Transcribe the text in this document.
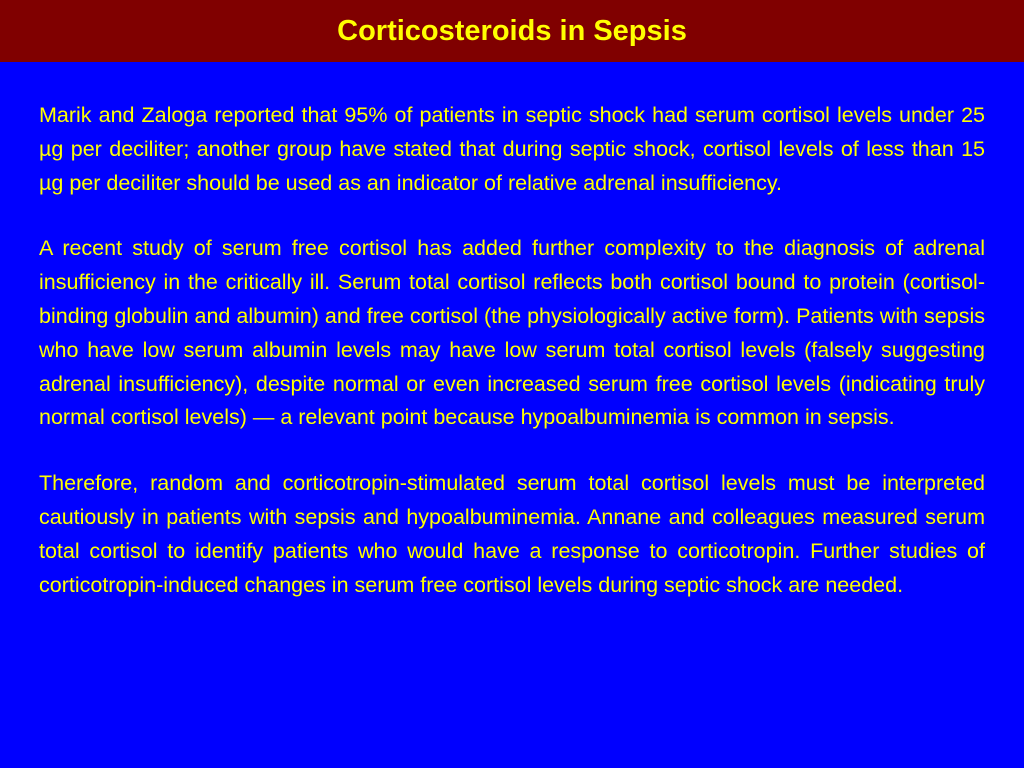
Corticosteroids in Sepsis

Marik and Zaloga reported that 95% of patients in septic shock had serum cortisol levels under 25 µg per deciliter; another group have stated that during septic shock, cortisol levels of less than 15 µg per deciliter should be used as an indicator of relative adrenal insufficiency.

A recent study of serum free cortisol has added further complexity to the diagnosis of adrenal insufficiency in the critically ill. Serum total cortisol reflects both cortisol bound to protein (cortisol-binding globulin and albumin) and free cortisol (the physiologically active form). Patients with sepsis who have low serum albumin levels may have low serum total cortisol levels (falsely suggesting adrenal insufficiency), despite normal or even increased serum free cortisol levels (indicating truly normal cortisol levels) — a relevant point because hypoalbuminemia is common in sepsis.

Therefore, random and corticotropin-stimulated serum total cortisol levels must be interpreted cautiously in patients with sepsis and hypoalbuminemia. Annane and colleagues measured serum total cortisol to identify patients who would have a response to corticotropin. Further studies of corticotropin-induced changes in serum free cortisol levels during septic shock are needed.
